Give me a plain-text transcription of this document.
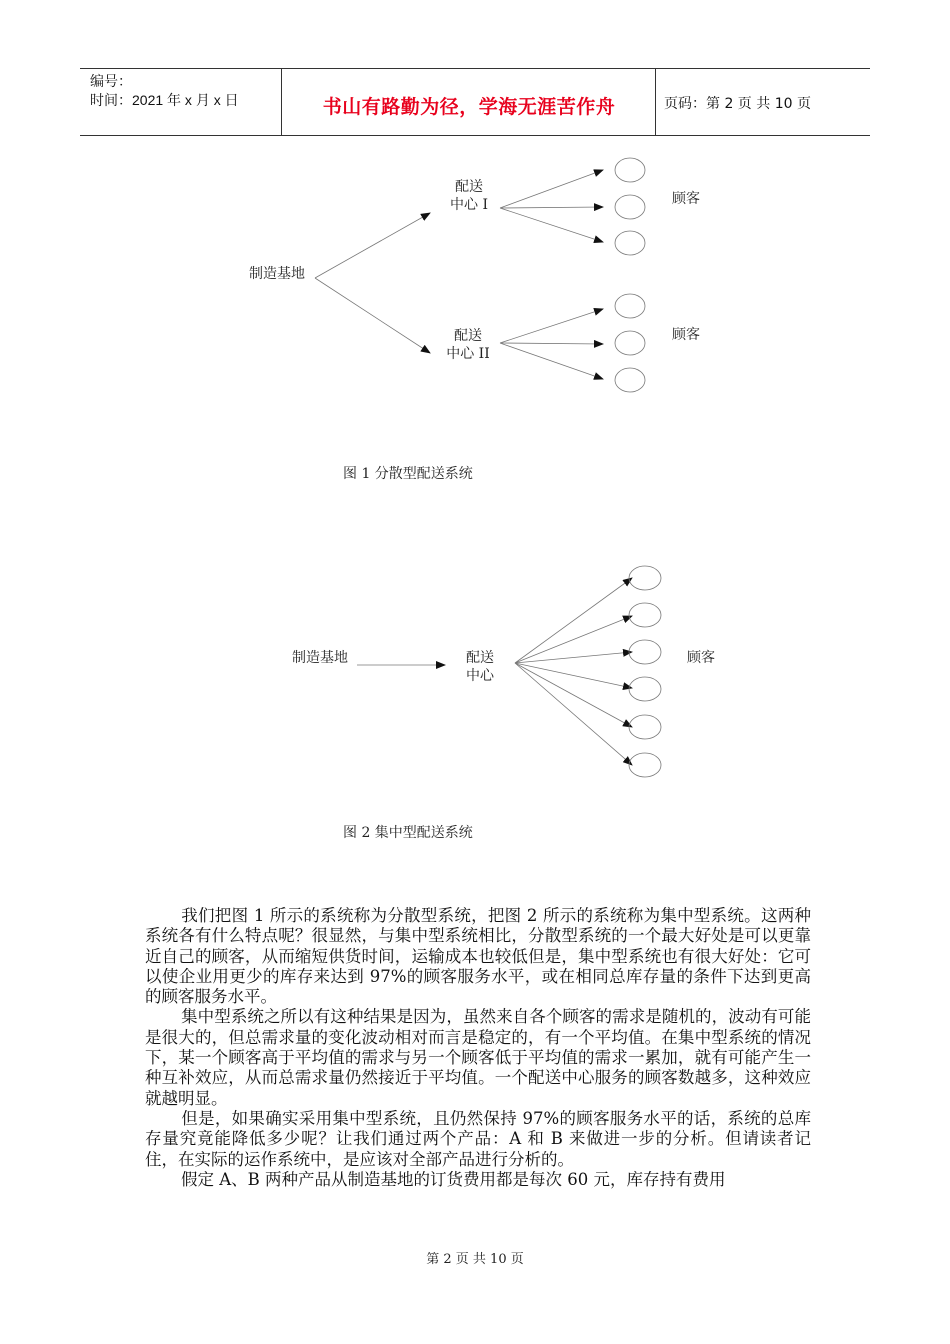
编号：
时间：2021 年 x 月 x 日	书山有路勤为径，学海无涯苦作舟	页码：第 2 页 共 10 页
制造基地
配送
中心 I
配送
中心 II
顾客
顾客
图 1 分散型配送系统
制造基地	配送
中心
顾客
图 2 集中型配送系统
我们把图 1 所示的系统称为分散型系统，把图 2 所示的系统称为集中型系统。这两种系统各有什么特点呢？很显然，与集中型系统相比，分散型系统的一个最大好处是可以更靠近自己的顾客，从而缩短供货时间，运输成本也较低但是，集中型系统也有很大好处：它可以使企业用更少的库存来达到 97%的顾客服务水平，或在相同总库存量的条件下达到更高的顾客服务水平。
集中型系统之所以有这种结果是因为，虽然来自各个顾客的需求是随机的，波动有可能是很大的，但总需求量的变化波动相对而言是稳定的，有一个平均值。在集中型系统的情况下，某一个顾客高于平均值的需求与另一个顾客低于平均值的需求一累加，就有可能产生一种互补效应，从而总需求量仍然接近于平均值。一个配送中心服务的顾客数越多，这种效应就越明显。
但是，如果确实采用集中型系统，且仍然保持 97%的顾客服务水平的话，系统的总库存量究竟能降低多少呢？让我们通过两个产品：A 和 B 来做进一步的分析。但请读者记住，在实际的运作系统中，是应该对全部产品进行分析的。
假定 A、B 两种产品从制造基地的订货费用都是每次 60 元，库存持有费用
第 2 页 共 10 页
